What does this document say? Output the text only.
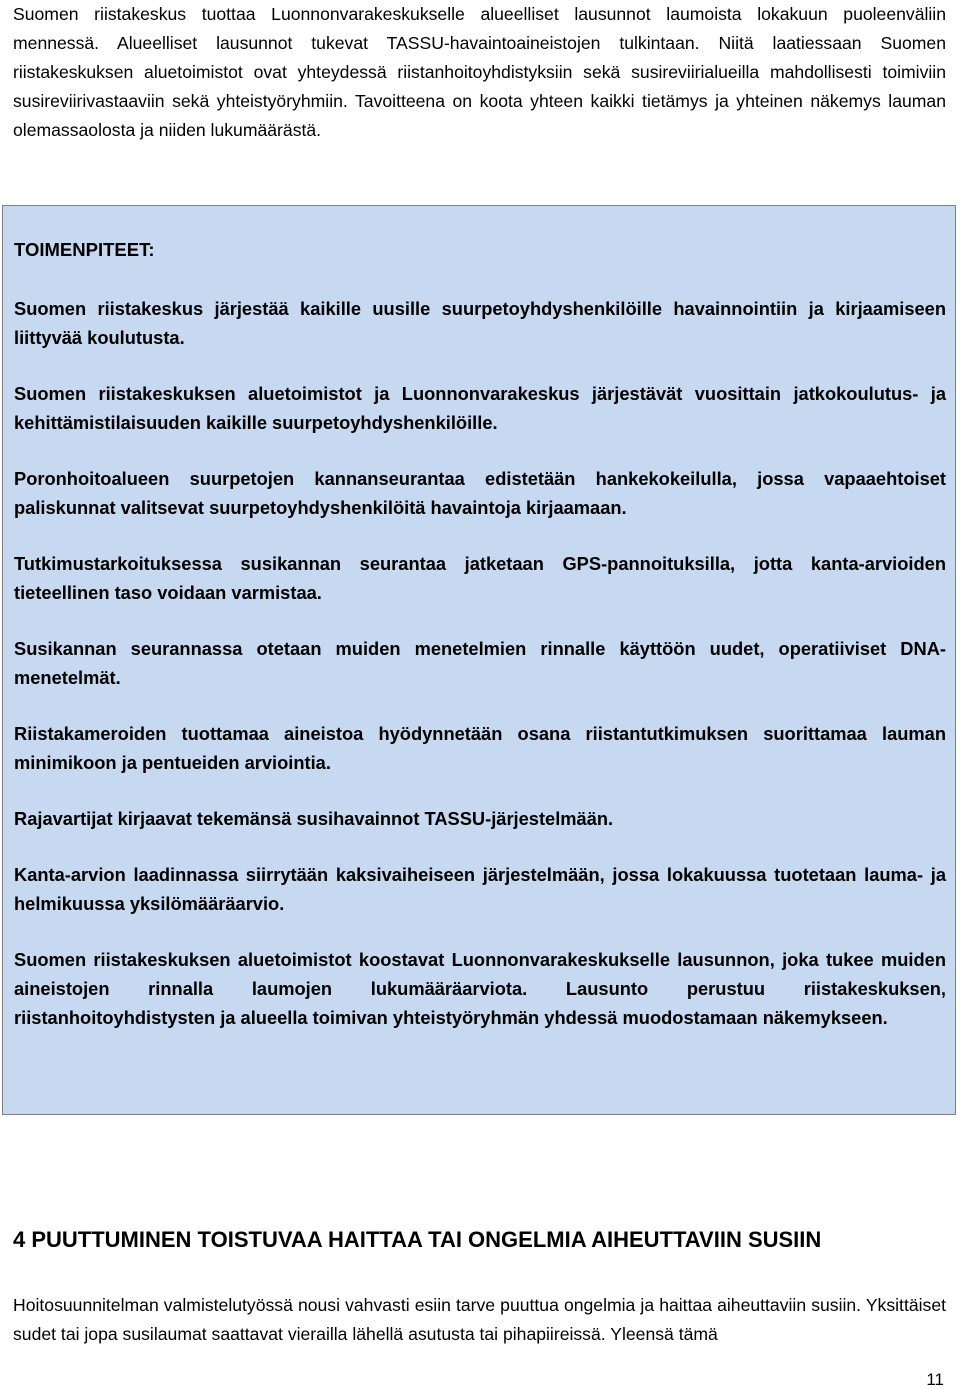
Suomen riistakeskus tuottaa Luonnonvarakeskukselle alueelliset lausunnot laumoista lokakuun puoleenväliin mennessä. Alueelliset lausunnot tukevat TASSU-havaintoaineistojen tulkintaan. Niitä laatiessaan Suomen riistakeskuksen aluetoimistot ovat yhteydessä riistanhoitoyhdistyksiin sekä susireviirialueilla mahdollisesti toimiviin susireviirivastaaviin sekä yhteistyöryhmiin. Tavoitteena on koota yhteen kaikki tietämys ja yhteinen näkemys lauman olemassaolosta ja niiden lukumäärästä.

TOIMENPITEET:

Suomen riistakeskus järjestää kaikille uusille suurpetoyhdyshenkilöille havainnointiin ja kirjaamiseen liittyvää koulutusta.

Suomen riistakeskuksen aluetoimistot ja Luonnonvarakeskus järjestävät vuosittain jatkokoulutus- ja kehittämistilaisuuden kaikille suurpetoyhdyshenkilöille.

Poronhoitoalueen suurpetojen kannanseurantaa edistetään hankekokeilulla, jossa vapaaehtoiset paliskunnat valitsevat suurpetoyhdyshenkilöitä havaintoja kirjaamaan.

Tutkimustarkoituksessa susikannan seurantaa jatketaan GPS-pannoituksilla, jotta kanta-arvioiden tieteellinen taso voidaan varmistaa.

Susikannan seurannassa otetaan muiden menetelmien rinnalle käyttöön uudet, operatiiviset DNA-menetelmät.

Riistakameroiden tuottamaa aineistoa hyödynnetään osana riistantutkimuksen suorittamaa lauman minimikoon ja pentueiden arviointia.

Rajavartijat kirjaavat tekemänsä susihavainnot TASSU-järjestelmään.

Kanta-arvion laadinnassa siirrytään kaksivaiheiseen järjestelmään, jossa lokakuussa tuotetaan lauma- ja helmikuussa yksilömääräarvio.

Suomen riistakeskuksen aluetoimistot koostavat Luonnonvarakeskukselle lausunnon, joka tukee muiden aineistojen rinnalla laumojen lukumääräarviota. Lausunto perustuu riistakeskuksen, riistanhoitoyhdistysten ja alueella toimivan yhteistyöryhmän yhdessä muodostamaan näkemykseen.

4 PUUTTUMINEN TOISTUVAA HAITTAA TAI ONGELMIA AIHEUTTAVIIN SUSIIN

Hoitosuunnitelman valmistelutyössä nousi vahvasti esiin tarve puuttua ongelmia ja haittaa aiheuttaviin susiin. Yksittäiset sudet tai jopa susilaumat saattavat vierailla lähellä asutusta tai pihapiireissä. Yleensä tämä

11
